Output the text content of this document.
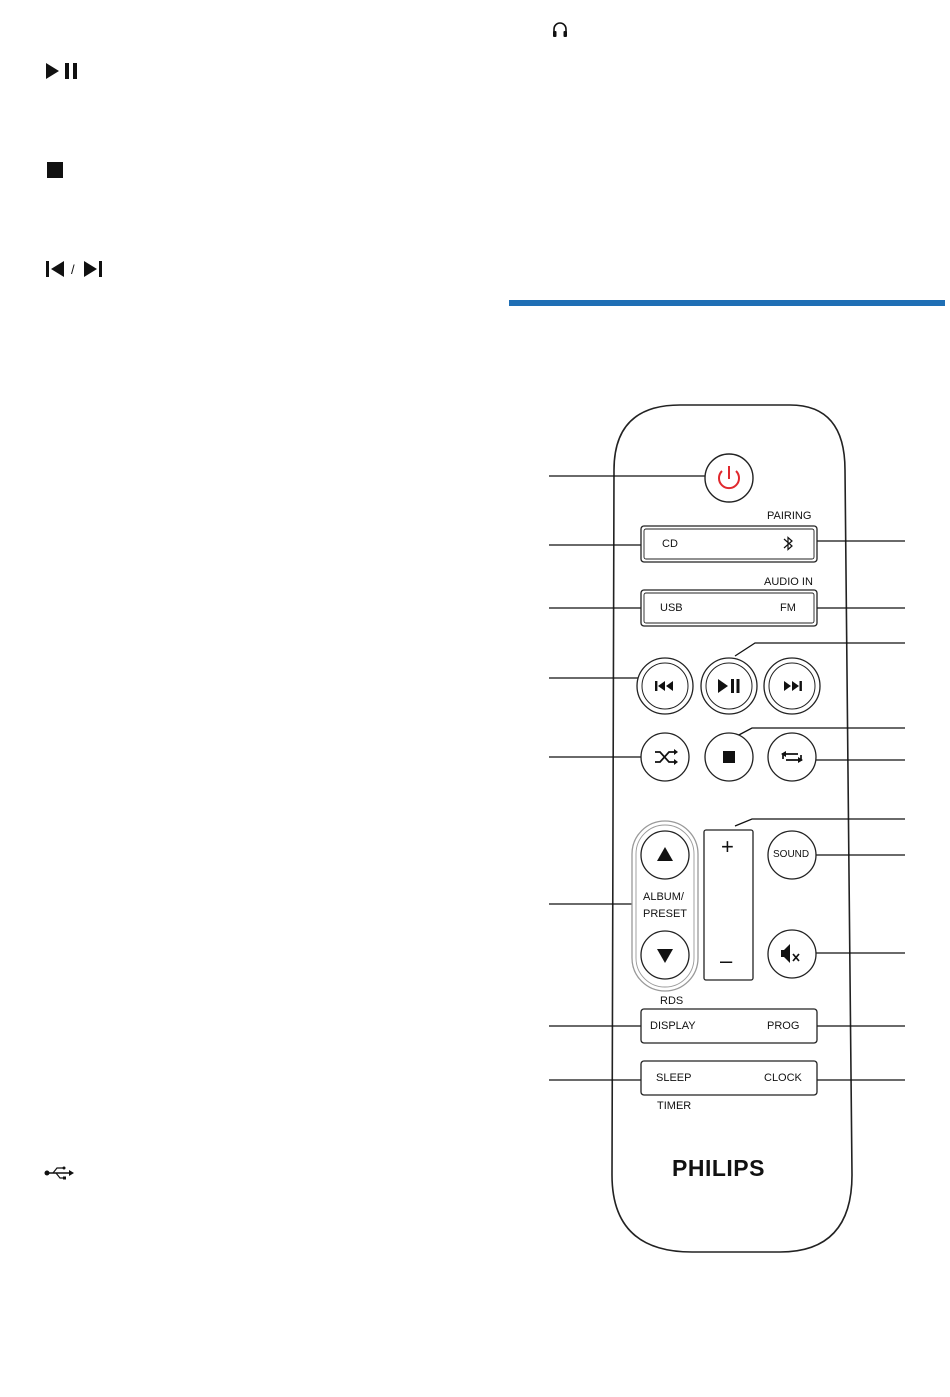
/
PAIRING
CD
AUDIO IN
USB	FM
ALBUM/
PRESET
+
–
SOUND
RDS
DISPLAY	PROG
SLEEP	CLOCK
TIMER
PHILIPS
